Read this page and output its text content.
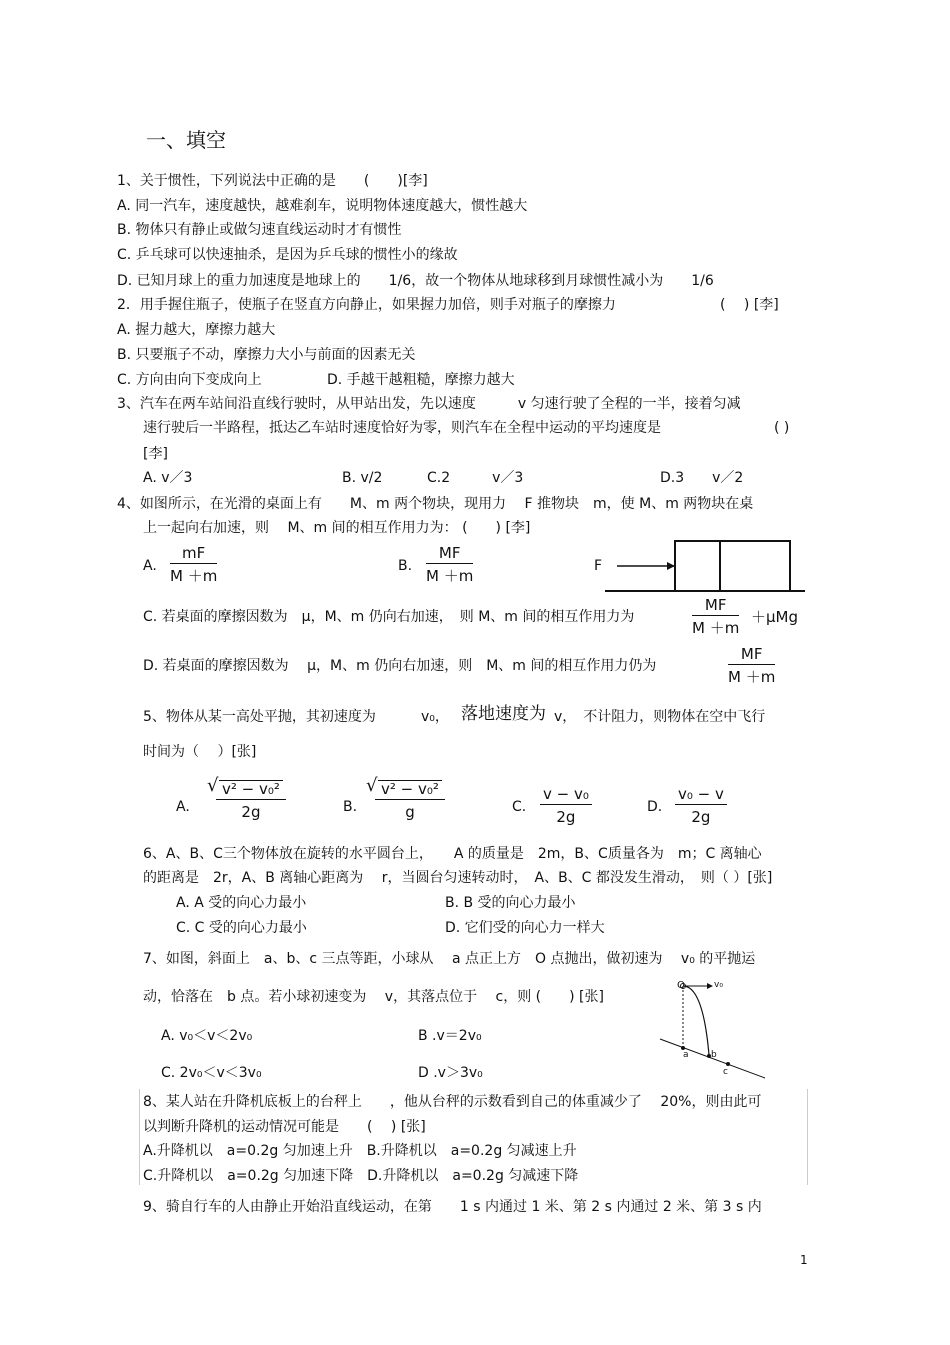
一、填空
1、关于惯性，下列说法中正确的是　　(　　)[李]
A. 同一汽车，速度越快，越难刹车，说明物体速度越大，惯性越大
B. 物体只有静止或做匀速直线运动时才有惯性
C. 乒乓球可以快速抽杀，是因为乒乓球的惯性小的缘故
D. 已知月球上的重力加速度是地球上的　　1/6，故一个物体从地球移到月球惯性减小为　　1/6
2．用手握住瓶子，使瓶子在竖直方向静止，如果握力加倍，则手对瓶子的摩擦力	(　 ) [李]
A. 握力越大，摩擦力越大
B. 只要瓶子不动，摩擦力大小与前面的因素无关
C. 方向由向下变成向上	D. 手越干越粗糙，摩擦力越大
3、汽车在两车站间沿直线行驶时，从甲站出发，先以速度　　　v 匀速行驶了全程的一半，接着匀减
速行驶后一半路程，抵达乙车站时速度恰好为零，则汽车在全程中运动的平均速度是	( )
[李]
A. v／3	B. v/2	C.2　　　v／3	D.3　　v／2
4、如图所示，在光滑的桌面上有　　M、m 两个物块，现用力　 F 推物块　m，使 M、m 两物块在桌
上一起向右加速，则　 M、m 间的相互作用力为： (　　) [李]
A. $\frac{mF}{M +m}$	B. $\frac{MF}{M +m}$	F
C. 若桌面的摩擦因数为　μ，M、m 仍向右加速，　则 M、m 间的相互作用力为	$\frac{MF}{M +m} +\mu Mg$
D. 若桌面的摩擦因数为　 μ，M、m 仍向右加速，则　M、m 间的相互作用力仍为	$\frac{MF}{M +m}$
5、物体从某一高处平抛，其初速度为	v₀， 落地速度为 v，　不计阻力，则物体在空中飞行
时间为（　 ）[张]
A. √ $\frac{\text{v² − v₀²}}{2g}$	B. √ $\frac{\text{v² − v₀²}}{g}$	C. $\frac{\text{v − v₀}}{2g}$	D. $\frac{\text{v₀ − v}}{2g}$
6、A、B、C三个物体放在旋转的水平圆台上，　　A 的质量是　2m，B、C质量各为　m；C 离轴心
的距离是　2r，A、B 离轴心距离为　 r，当圆台匀速转动时，　A、B、C 都没发生滑动，　则（ ）[张]
A. A 受的向心力最小	B. B 受的向心力最小
C. C 受的向心力最小	D. 它们受的向心力一样大
7、如图，斜面上　a、b、c 三点等距，小球从　 a 点正上方　O 点抛出，做初速为　 v₀ 的平抛运
动，恰落在　b 点。若小球初速变为　 v，其落点位于　 c，则 (　　) [张]
A. v₀＜v＜2v₀	B .v＝2v₀
C. 2v₀＜v＜3v₀	D .v＞3v₀
O	v₀
a b
c
8、某人站在升降机底板上的台秤上　　，他从台秤的示数看到自己的体重减少了　 20%，则由此可
以判断升降机的运动情况可能是　　(　 ) [张]
A.升降机以　a=0.2g 匀加速上升　B.升降机以　a=0.2g 匀减速上升
C.升降机以　a=0.2g 匀加速下降　D.升降机以　a=0.2g 匀减速下降
9、骑自行车的人由静止开始沿直线运动，在第　　1 s 内通过 1 米、第 2 s 内通过 2 米、第 3 s 内
1
